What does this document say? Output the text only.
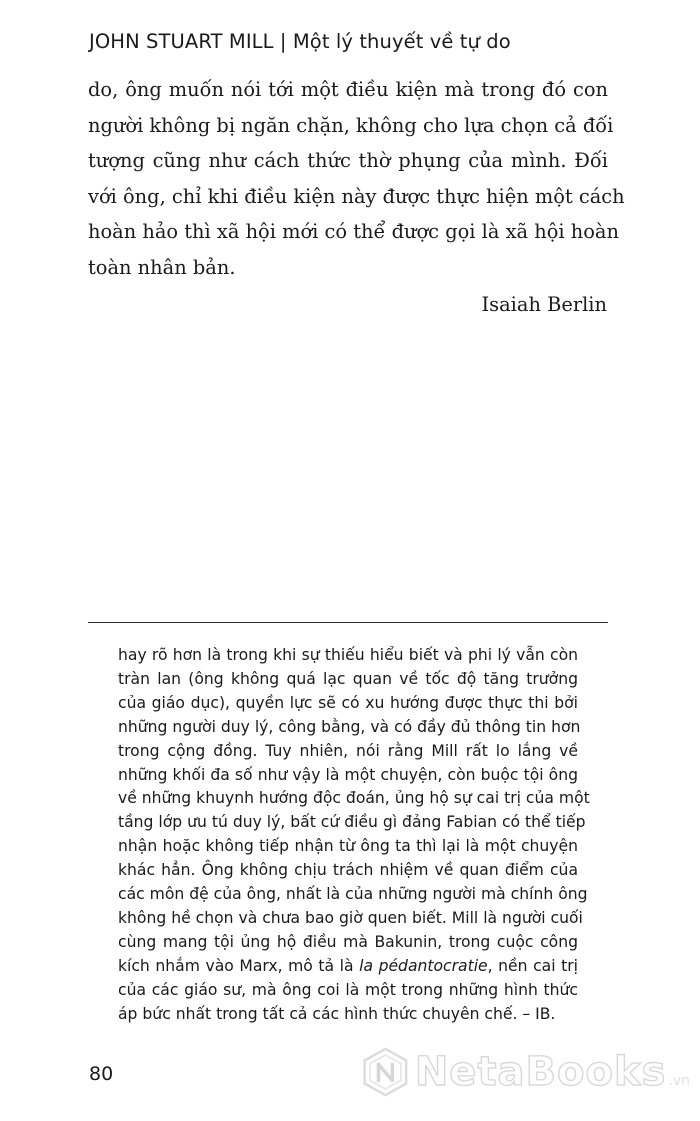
JOHN STUART MILL | Một lý thuyết về tự do
do, ông muốn nói tới một điều kiện mà trong đó con
người không bị ngăn chặn, không cho lựa chọn cả đối
tượng cũng như cách thức thờ phụng của mình. Đối
với ông, chỉ khi điều kiện này được thực hiện một cách
hoàn hảo thì xã hội mới có thể được gọi là xã hội hoàn
toàn nhân bản.
Isaiah Berlin
hay rõ hơn là trong khi sự thiếu hiểu biết và phi lý vẫn còn
tràn lan (ông không quá lạc quan về tốc độ tăng trưởng
của giáo dục), quyền lực sẽ có xu hướng được thực thi bởi
những người duy lý, công bằng, và có đầy đủ thông tin hơn
trong cộng đồng. Tuy nhiên, nói rằng Mill rất lo lắng về
những khối đa số như vậy là một chuyện, còn buộc tội ông
về những khuynh hướng độc đoán, ủng hộ sự cai trị của một
tầng lớp ưu tú duy lý, bất cứ điều gì đảng Fabian có thể tiếp
nhận hoặc không tiếp nhận từ ông ta thì lại là một chuyện
khác hẳn. Ông không chịu trách nhiệm về quan điểm của
các môn đệ của ông, nhất là của những người mà chính ông
không hề chọn và chưa bao giờ quen biết. Mill là người cuối
cùng mang tội ủng hộ điều mà Bakunin, trong cuộc công
kích nhắm vào Marx, mô tả là la pédantocratie, nền cai trị
của các giáo sư, mà ông coi là một trong những hình thức
áp bức nhất trong tất cả các hình thức chuyên chế. – IB.
80	NetaBooks .vn
